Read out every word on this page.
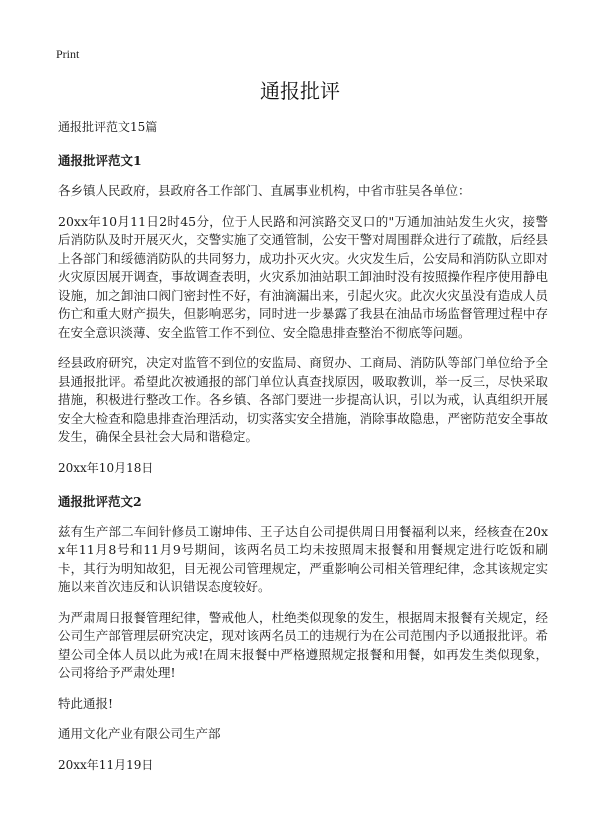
Print
通报批评
通报批评范文15篇
通报批评范文1

各乡镇人民政府，县政府各工作部门、直属事业机构，中省市驻吴各单位：

20xx年10月11日2时45分，位于人民路和河滨路交叉口的"万通加油站发生火灾，接警后消防队及时开展灭火，交警实施了交通管制，公安干警对周围群众进行了疏散，后经县上各部门和绥德消防队的共同努力，成功扑灭火灾。火灾发生后，公安局和消防队立即对火灾原因展开调查，事故调查表明，火灾系加油站职工卸油时没有按照操作程序使用静电设施，加之卸油口阀门密封性不好，有油滴漏出来，引起火灾。此次火灾虽没有造成人员伤亡和重大财产损失，但影响恶劣，同时进一步暴露了我县在油品市场监督管理过程中存在安全意识淡薄、安全监管工作不到位、安全隐患排查整治不彻底等问题。

经县政府研究，决定对监管不到位的安监局、商贸办、工商局、消防队等部门单位给予全县通报批评。希望此次被通报的部门单位认真查找原因，吸取教训，举一反三，尽快采取措施，积极进行整改工作。各乡镇、各部门要进一步提高认识，引以为戒，认真组织开展安全大检查和隐患排查治理活动，切实落实安全措施，消除事故隐患，严密防范安全事故发生，确保全县社会大局和谐稳定。

20xx年10月18日

通报批评范文2

兹有生产部二车间针修员工谢坤伟、王子达自公司提供周日用餐福利以来，经核查在20xx年11月8号和11月9号期间，该两名员工均未按照周末报餐和用餐规定进行吃饭和刷卡，其行为明知故犯，目无视公司管理规定，严重影响公司相关管理纪律，念其该规定实施以来首次违反和认识错误态度较好。

为严肃周日报餐管理纪律，警戒他人，杜绝类似现象的发生，根据周末报餐有关规定，经公司生产部管理层研究决定，现对该两名员工的违规行为在公司范围内予以通报批评。希望公司全体人员以此为戒!在周末报餐中严格遵照规定报餐和用餐，如再发生类似现象，公司将给予严肃处理!

特此通报!

通用文化产业有限公司生产部

20xx年11月19日
